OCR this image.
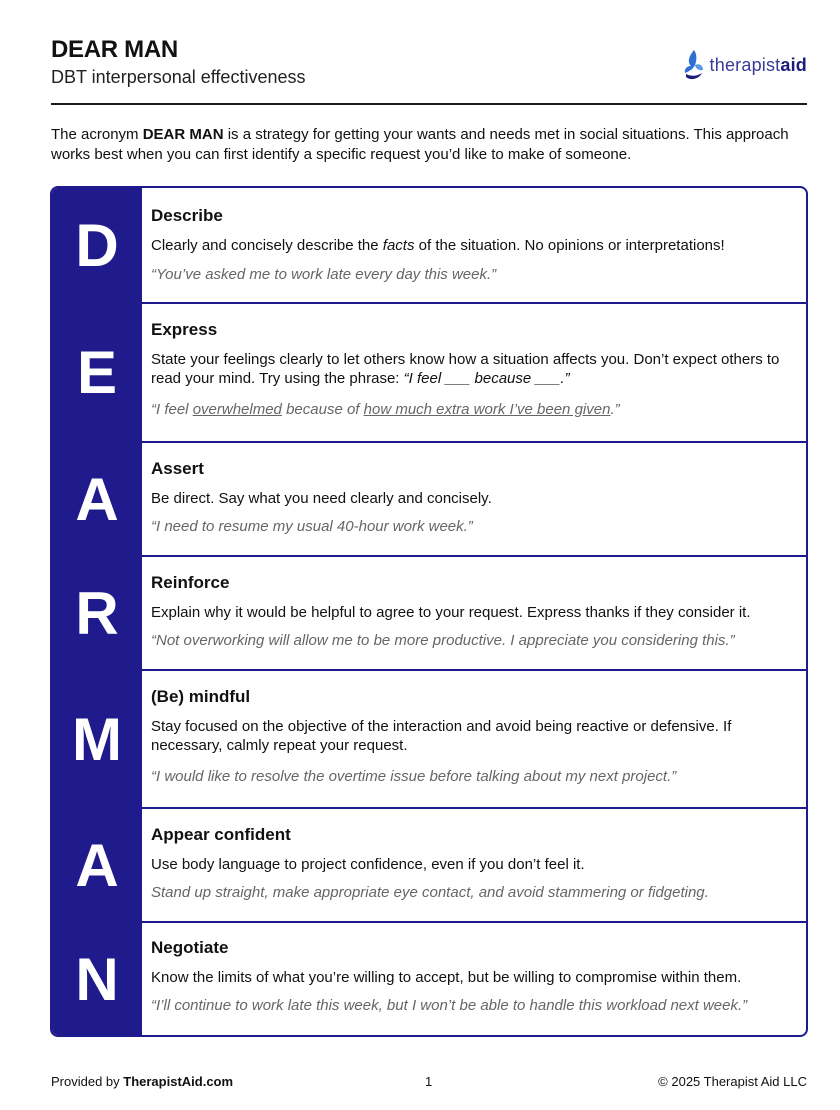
DEAR MAN

DBT interpersonal effectiveness

therapistaid
The acronym DEAR MAN is a strategy for getting your wants and needs met in social situations. This approach works best when you can first identify a specific request you’d like to make of someone.
D Describe
Clearly and concisely describe the facts of the situation. No opinions or interpretations!
“You’ve asked me to work late every day this week.”
E
Express
State your feelings clearly to let others know how a situation affects you. Don’t expect others to read your mind. Try using the phrase: “I feel ___ because ___.”
“I feel overwhelmed because of how much extra work I’ve been given.”
A Assert
Be direct. Say what you need clearly and concisely.
“I need to resume my usual 40-hour work week.”
R Reinforce
Explain why it would be helpful to agree to your request. Express thanks if they consider it.
“Not overworking will allow me to be more productive. I appreciate you considering this.”
M
(Be) mindful
Stay focused on the objective of the interaction and avoid being reactive or defensive. If necessary, calmly repeat your request.
“I would like to resolve the overtime issue before talking about my next project.”
A Appear confident
Use body language to project confidence, even if you don’t feel it.
Stand up straight, make appropriate eye contact, and avoid stammering or fidgeting.
N Negotiate
Know the limits of what you’re willing to accept, but be willing to compromise within them.
“I’ll continue to work late this week, but I won’t be able to handle this workload next week.”
Provided by TherapistAid.com	1	© 2025 Therapist Aid LLC
